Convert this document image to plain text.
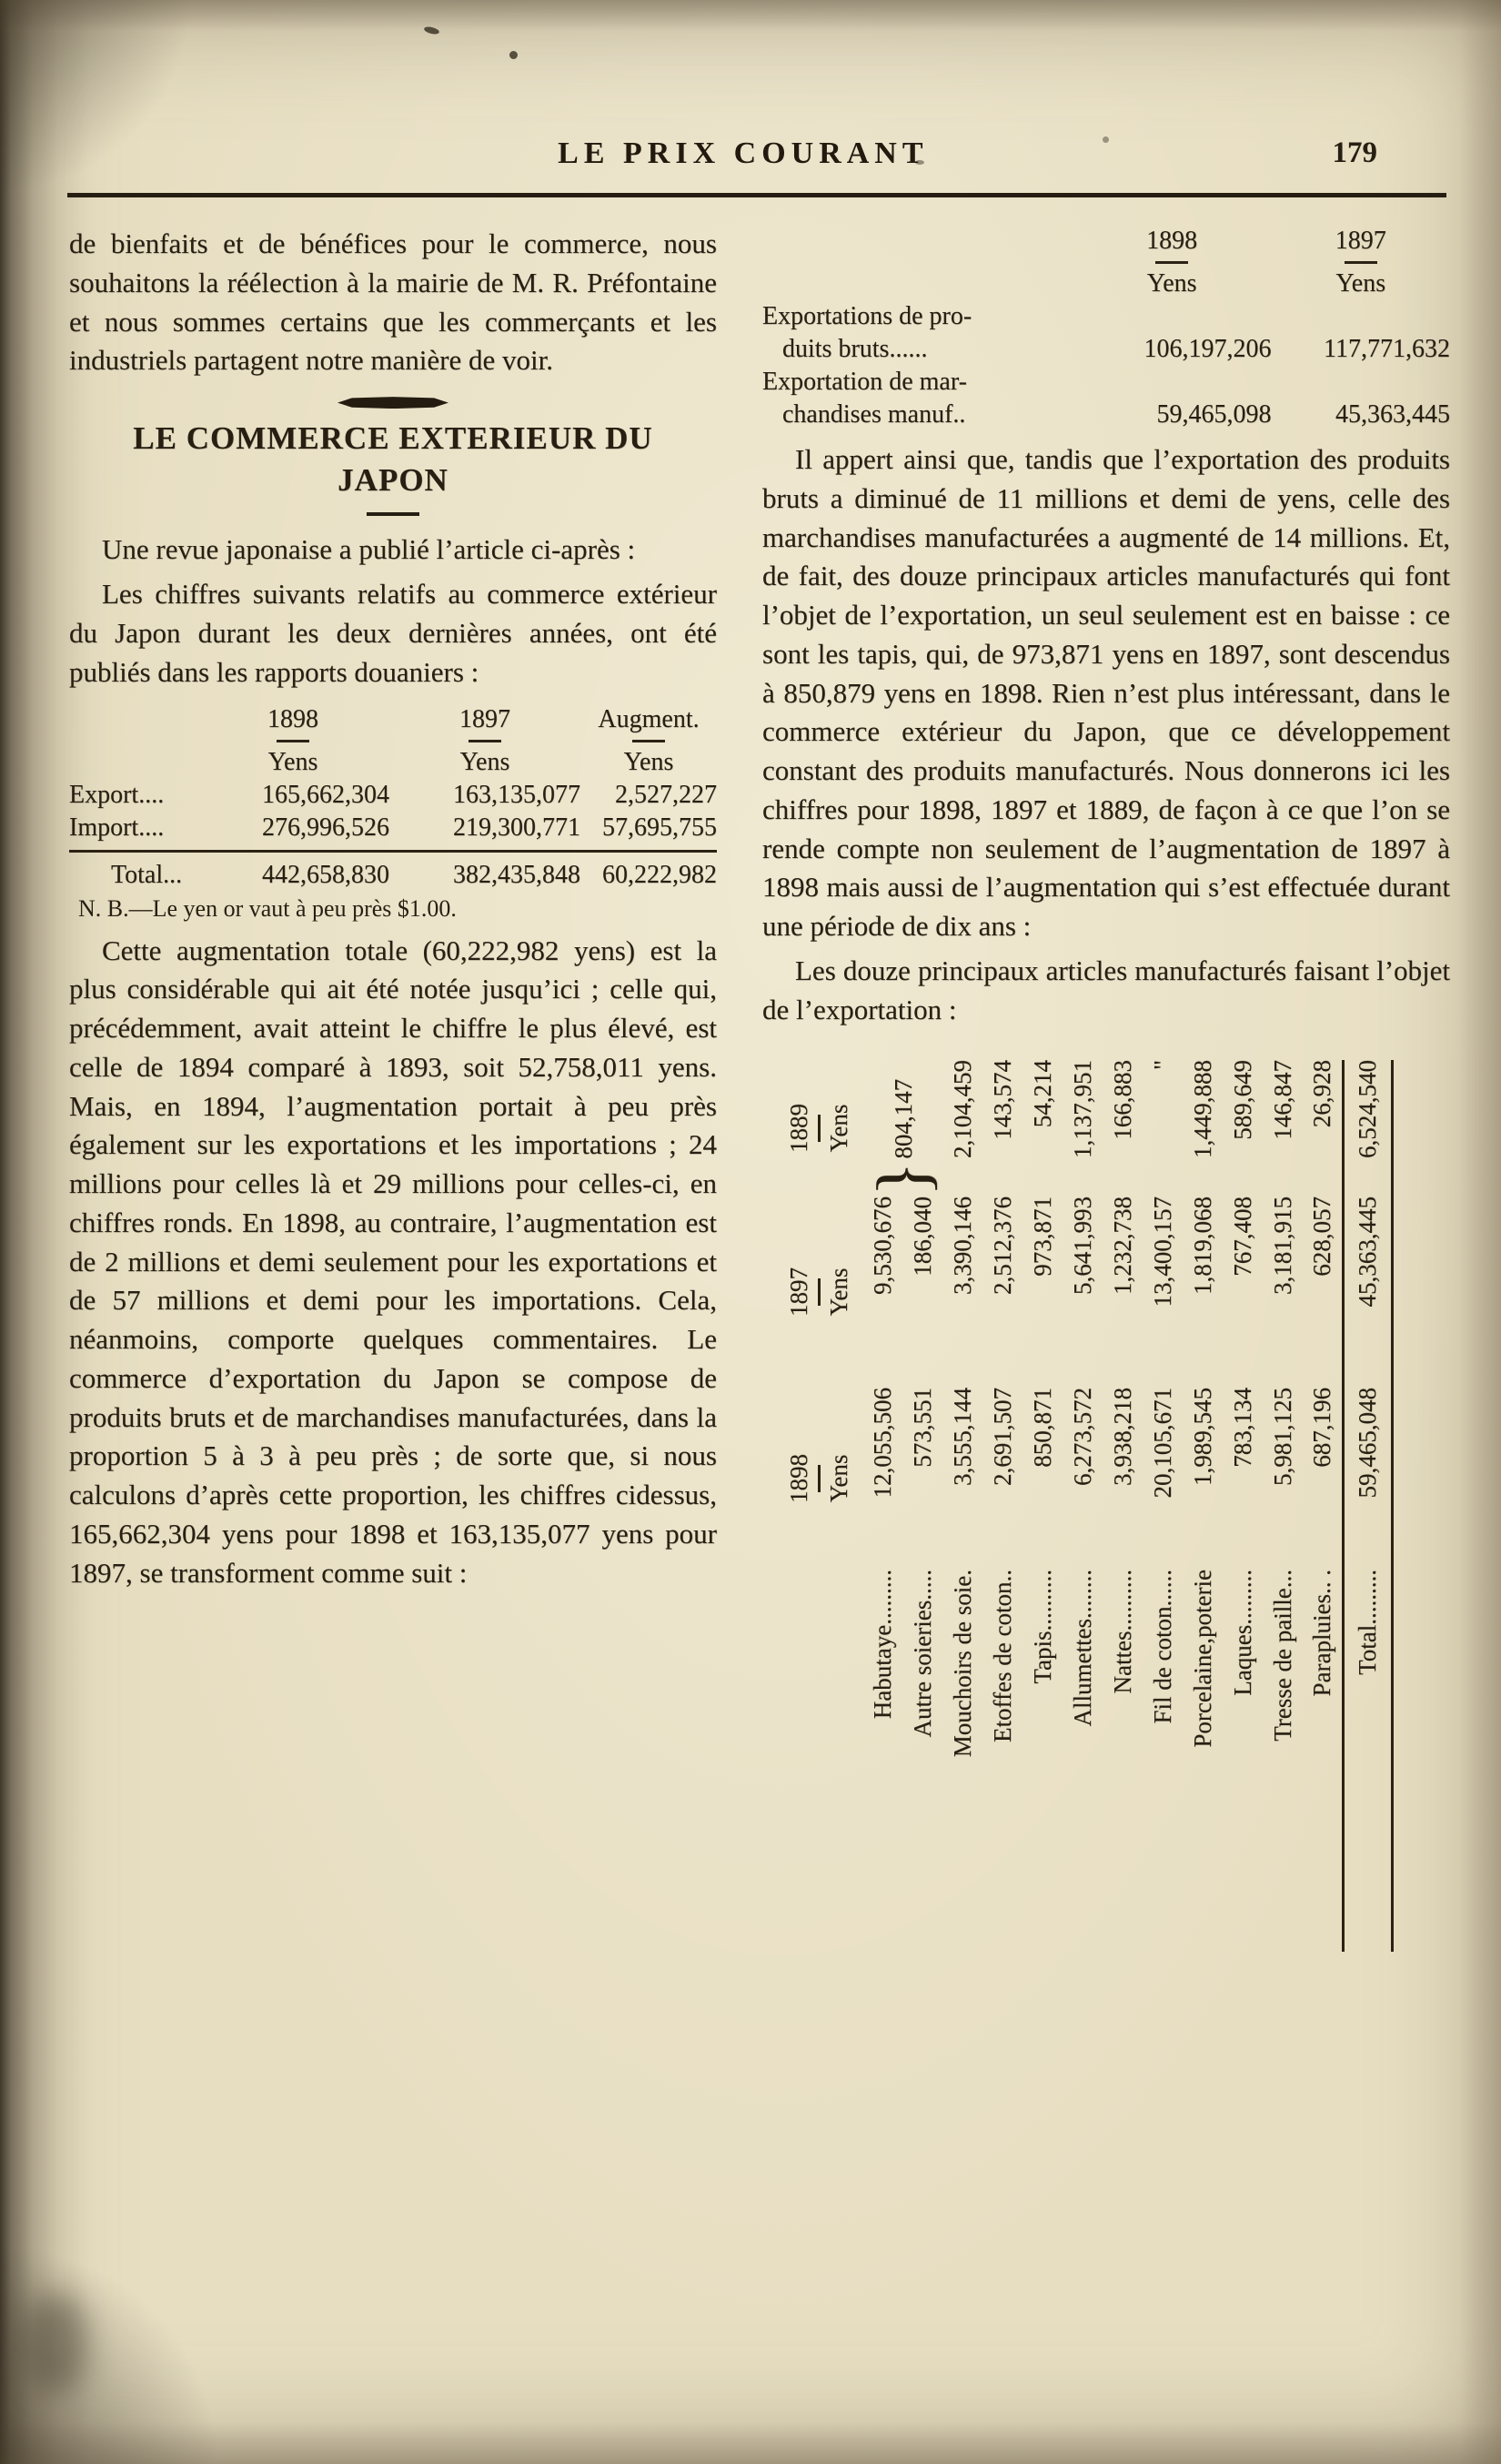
LE PRIX COURANT	179

de bienfaits et de bénéfices pour le commerce, nous souhaitons la réélection à la mairie de M. R. Préfontaine et nous sommes certains que les commerçants et les industriels partagent notre manière de voir.

LE COMMERCE EXTERIEUR DU
JAPON

Une revue japonaise a publié l’article ci-après :

Les chiffres suivants relatifs au commerce extérieur du Japon durant les deux dernières années, ont été publiés dans les rapports douaniers :

	1898	1897	Augment.

	Yens	Yens	Yens
Export....	165,662,304	163,135,077	2,527,227
Import....	276,996,526	219,300,771	57,695,755
Total...	442,658,830	382,435,848	60,222,982

N. B.—Le yen or vaut à peu près $1.00.

Cette augmentation totale (60,222,982 yens) est la plus considérable qui ait été notée jusqu’ici ; celle qui, précédemment, avait atteint le chiffre le plus élevé, est celle de 1894 comparé à 1893, soit 52,758,011 yens. Mais, en 1894, l’augmentation portait à peu près également sur les exportations et les importations ; 24 millions pour celles là et 29 millions pour celles-ci, en chiffres ronds. En 1898, au contraire, l’augmentation est de 2 millions et demi seulement pour les exportations et de 57 millions et demi pour les importations. Cela, néanmoins, comporte quelques commentaires. Le commerce d’exportation du Japon se compose de produits bruts et de marchandises manufacturées, dans la proportion 5 à 3 à peu près ; de sorte que, si nous calculons d’après cette proportion, les chiffres cidessus, 165,662,304 yens pour 1898 et 163,135,077 yens pour 1897, se transforment comme suit :

	1898	1897

	Yens	Yens
Exportations de pro-		
duits bruts......	106,197,206	117,771,632
Exportation de mar-		
chandises manuf..	59,465,098	45,363,445

Il appert ainsi que, tandis que l’exportation des produits bruts a diminué de 11 millions et demi de yens, celle des marchandises manufacturées a augmenté de 14 millions. Et, de fait, des douze principaux articles manufacturés qui font l’objet de l’exportation, un seul seulement est en baisse : ce sont les tapis, qui, de 973,871 yens en 1897, sont descendus à 850,879 yens en 1898. Rien n’est plus intéressant, dans le commerce extérieur du Japon, que ce développement constant des produits manufacturés. Nous donnerons ici les chiffres pour 1898, 1897 et 1889, de façon à ce que l’on se rende compte non seulement de l’augmentation de 1897 à 1898 mais aussi de l’augmentation qui s’est effectuée durant une période de dix ans :

Les douze principaux articles manufacturés faisant l’objet de l’exportation :

1898 Yens

1897 Yens

1889 Yens

Habutaye.........	12,055,506	9,530,676	}804,147
Autre soieries.....	573,551	186,040	
Mouchoirs de soie.	3,555,144	3,390,146	2,104,459
Etoffes de coton..	2,691,507	2,512,376	143,574
Tapis..........	850,871	973,871	54,214
Allumettes........	6,273,572	5,641,993	1,137,951
Nattes..........	3,938,218	1,232,738	166,883
Fil de coton......	20,105,671	13,400,157	"
Porcelaine,poterie	1,989,545	1,819,068	1,449,888
Laques.........	783,134	767,408	589,649
Tresse de paille...	5,981,125	3,181,915	146,847
Parapluies.. .	687,196	628,057	26,928
Total.........	59,465,048	45,363,445	6,524,540
